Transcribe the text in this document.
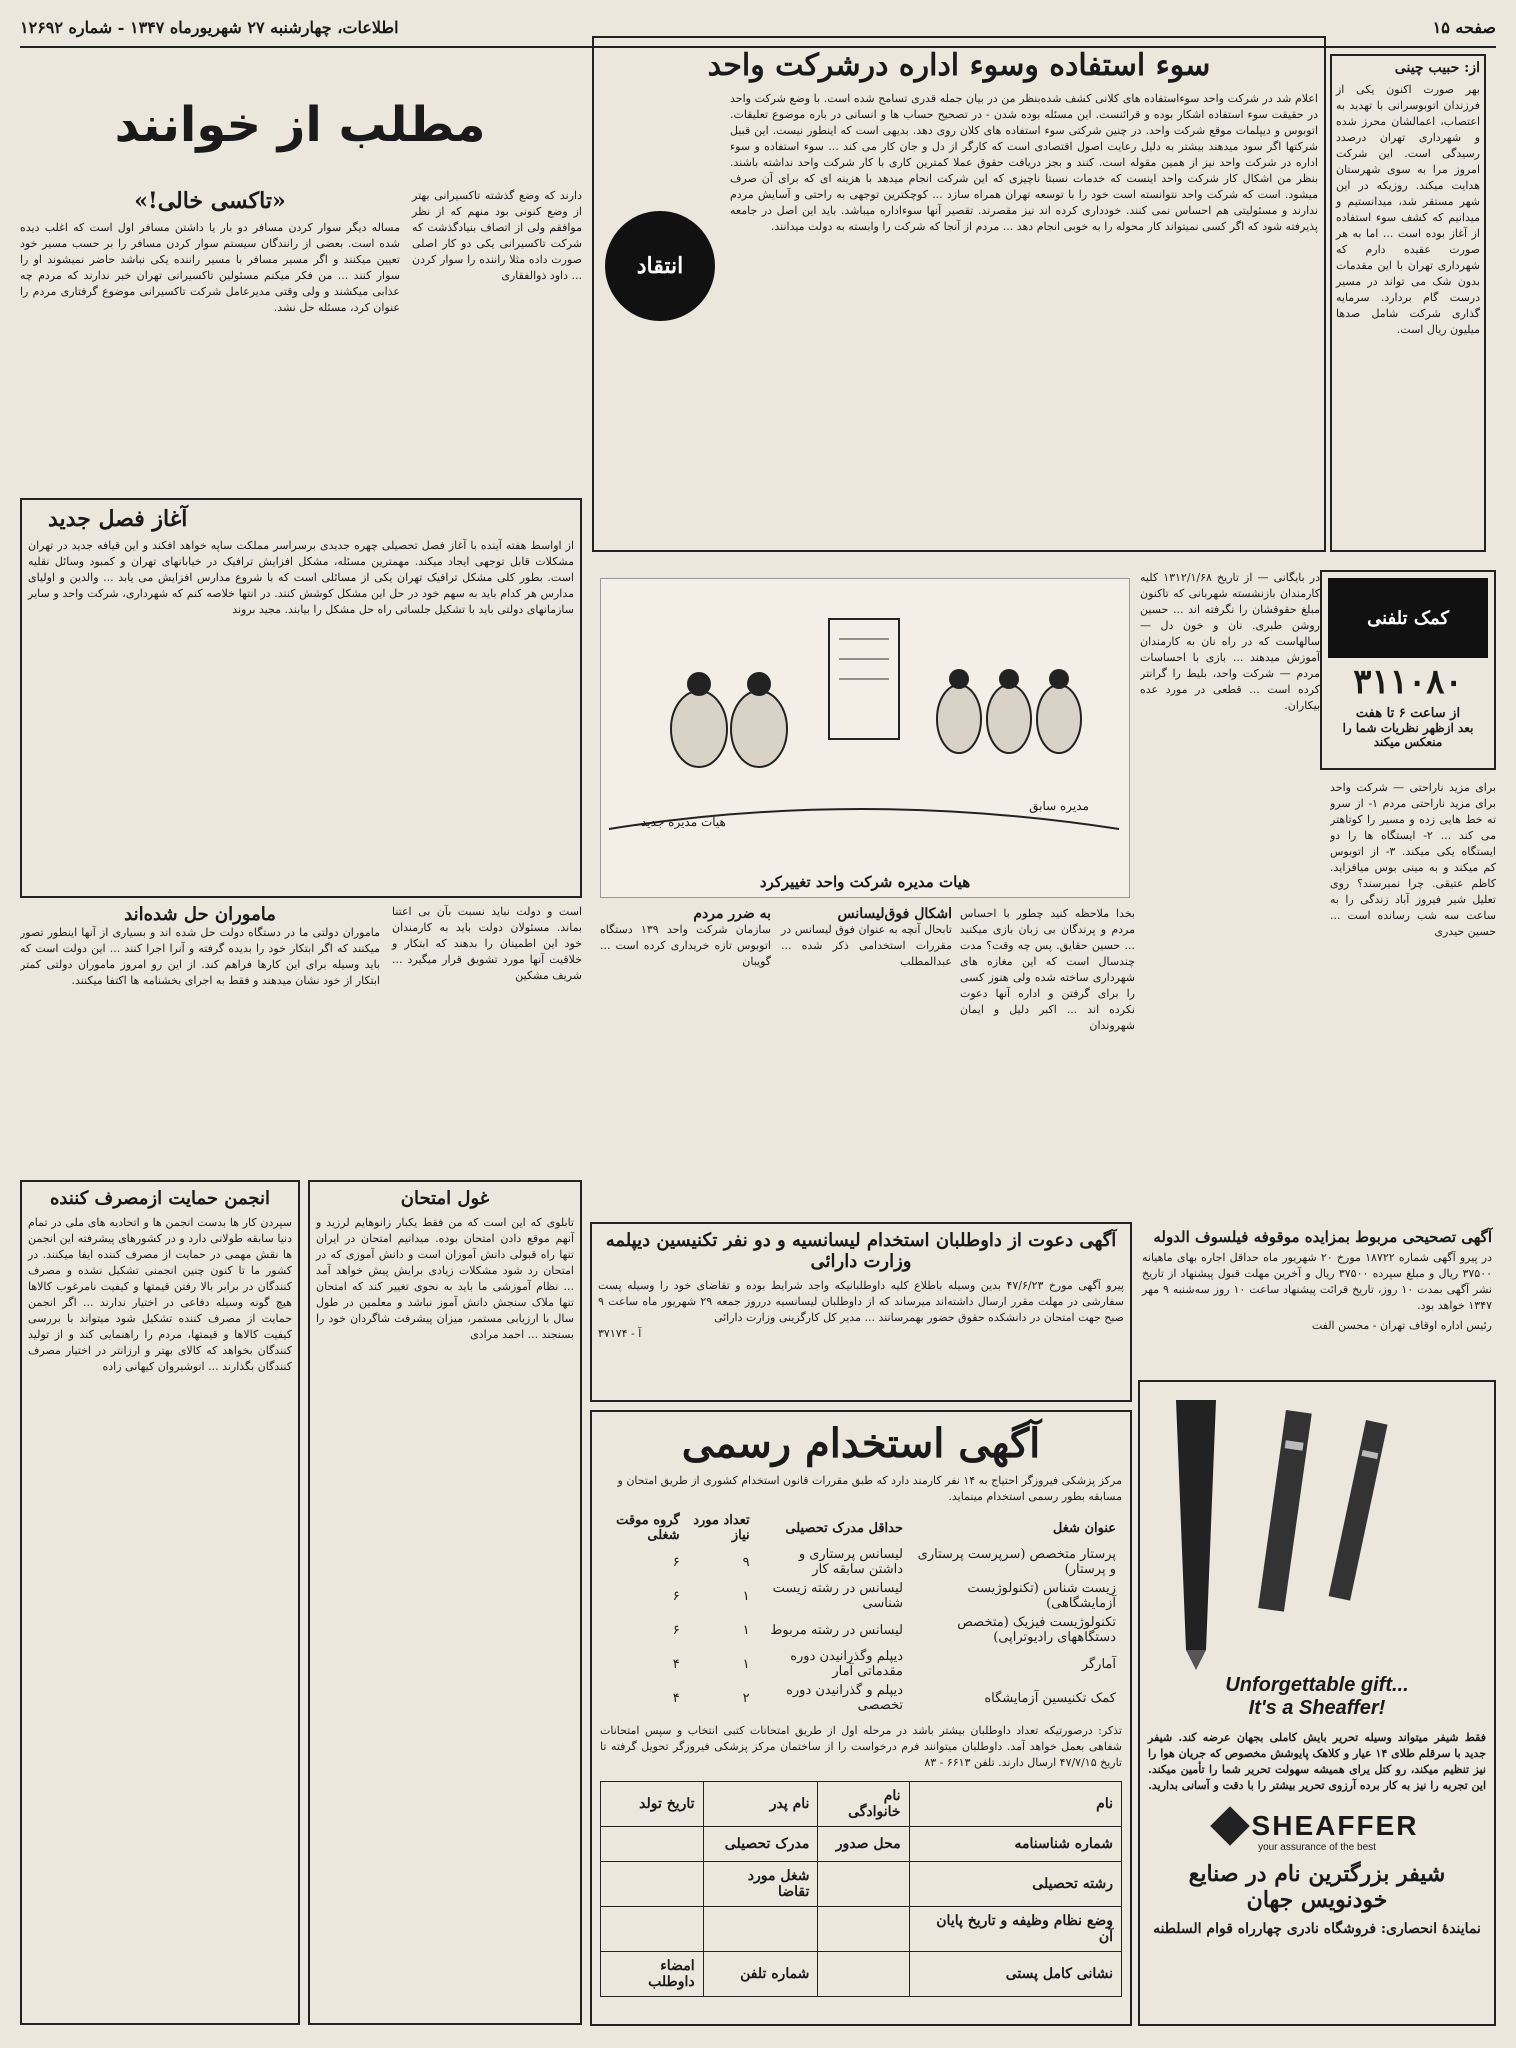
صفحه ۱۵
اطلاعات، چهارشنبه ۲۷ شهریورماه ۱۳۴۷ - شماره ۱۲۶۹۲
از: حبیب چینی
بهر صورت اکنون یکی از فرزندان اتوبوسرانی با تهدید به اعتصاب، اعمالشان محرز شده و شهرداری تهران درصدد رسیدگی است. این شرکت امروز مرا به سوی شهرستان هدایت میکند. روزیکه در این شهر مستقر شد، میدانستیم و میدانیم که کشف سوء استفاده از آغاز بوده است ... اما به هر صورت عقیده دارم که شهرداری تهران با این مقدمات بدون شک می تواند در مسیر درست گام بردارد. سرمایه گذاری شرکت شامل صدها میلیون ریال است.
سوء استفاده وسوء اداره درشرکت واحد
اعلام شد در شرکت واحد سوءاستفاده های کلانی کشف شده‌بنظر من در بیان جمله قدری تسامح شده است. با وضع شرکت واحد در حقیقت سوء استفاده اشکار بوده و قرائنست. این مسئله بوده شدن - در تصحیح حساب ها و انسانی در باره موضوع تعلیقات. اتوبوس و دیپلمات موقع شرکت واحد. در چنین شرکتی سوء استفاده های کلان روی دهد. بدیهی است که اینطور نیست. این قبیل شرکتها اگر سود میدهند بیشتر به دلیل رعایت اصول اقتصادی است که کارگر از دل و جان کار می کند ... سوء استفاده و سوء اداره در شرکت واحد نیز از همین مقوله است. کنند و بجز دریافت حقوق عملا کمترین کاری با کار شرکت واحد نداشته باشند. بنظر من اشکال کار شرکت واحد اینست که خدمات نسبتا ناچیزی که این شرکت انجام میدهد با هزینه ای که برای آن صرف میشود. است که شرکت واحد نتوانسته است خود را با توسعه تهران همراه سازد ... کوچکترین توجهی به راحتی و آسایش مردم ندارند و مسئولیتی هم احساس نمی کنند. خودداری کرده اند نیز مقصرند. تقصیر آنها سوءاداره میباشد. باید این اصل در جامعه پذیرفته شود که اگر کسی نمیتواند کار محوله را به خوبی انجام دهد ... مردم از آنجا که شرکت را وابسته به دولت میدانند.
انتقاد
مطلب از خوانند
دارند که وضع گذشته تاکسیرانی بهتر از وضع کنونی بود منهم که از نظر موافقم ولی از اتصاف بنیادگذشت که شرکت تاکسیرانی یکی دو کار اصلی صورت داده مثلا راننده را سوار کردن ... داود ذوالفقاری
«تاکسی خالی!»
مساله دیگر سوار کردن مسافر دو بار یا داشتن مسافر اول است که اغلب دیده شده است. بعضی از رانندگان سیستم سوار کردن مسافر را بر حسب مسیر خود تعیین میکنند و اگر مسیر مسافر با مسیر راننده یکی نباشد حاضر نمیشوند او را سوار کنند ... من فکر میکنم مسئولین تاکسیرانی تهران خبر ندارند که مردم چه عذابی میکشند و ولی وقتی مدیرعامل شرکت تاکسیرانی موضوع گرفتاری مردم را عنوان کرد، مسئله حل نشد.
آغاز فصل جدید
از اواسط هفته آینده با آغاز فصل تحصیلی چهره جدیدی برسراسر مملکت ساپه خواهد افکند و این قیافه جدید در تهران مشکلات قابل توجهی ایجاد میکند. مهمترین مسئله، مشکل افزایش ترافیک در خیابانهای تهران و کمبود وسائل نقلیه است. بطور کلی مشکل ترافیک تهران یکی از مسائلی است که با شروع مدارس افزایش می یابد ... والدین و اولیای مدارس هر کدام باید به سهم خود در حل این مشکل کوشش کنند. در انتها خلاصه کنم که شهرداری، شرکت واحد و سایر سازمانهای دولتی باید با تشکیل جلساتی راه حل مشکل را بیابند. مجید بروند
است و دولت نباید نسبت بآن بی اعتنا بماند. مسئولان دولت باید به کارمندان خود این اطمینان را بدهند که ابتکار و خلاقیت آنها مورد تشویق قرار میگیرد ... شریف مشکین
ماموران حل شده‌اند
ماموران دولتی ما در دستگاه دولت حل شده اند و بسیاری از آنها اینطور تصور میکنند که اگر ابتکار خود را بدیده گرفته و آنرا اجرا کنند ... این دولت است که باید وسیله برای این کارها فراهم کند. از این رو امروز ماموران دولتی کمتر ابتکار از خود نشان میدهند و فقط به اجرای بخشنامه ها اکتفا میکنند.
انجمن حمایت ازمصرف کننده
سپردن کار ها بدست انجمن ها و اتحادیه های ملی در تمام دنیا سابقه طولانی دارد و در کشورهای پیشرفته این انجمن ها نقش مهمی در حمایت از مصرف کننده ایفا میکنند. در کشور ما تا کنون چنین انجمنی تشکیل نشده و مصرف کنندگان در برابر بالا رفتن قیمتها و کیفیت نامرغوب کالاها هیچ گونه وسیله دفاعی در اختیار ندارند ... اگر انجمن حمایت از مصرف کننده تشکیل شود میتواند با بررسی کیفیت کالاها و قیمتها، مردم را راهنمایی کند و از تولید کنندگان بخواهد که کالای بهتر و ارزانتر در اختیار مصرف کنندگان بگذارند ... انوشیروان کیهانی زاده
غول امتحان
تابلوی که این است که من فقط یکبار زانوهایم لرزید و آنهم موقع دادن امتحان بوده. میدانیم امتحان در ایران تنها راه قبولی دانش آموزان است و دانش آموزی که در امتحان رد شود مشکلات زیادی برایش پیش خواهد آمد ... نظام آموزشی ما باید به نحوی تغییر کند که امتحان تنها ملاک سنجش دانش آموز نباشد و معلمین در طول سال با ارزیابی مستمر، میزان پیشرفت شاگردان خود را بسنجند ... احمد مرادی
کمک تلفنی
۳۱۱۰۸۰
از ساعت ۶ تا هفت
بعد ازظهر نظریات شما را منعکس میکند
برای مزید ناراحتی — شرکت واحد برای مزید ناراحتی مردم ۱- از سرو ته خط هایی زده و مسیر را کوتاهتر می کند ... ۲- ایستگاه ها را دو ایستگاه یکی میکند. ۳- از اتوبوس کم میکند و به مینی بوس میافزاید. کاظم عتیقی. چرا نمیرسند؟ روی تعلیل شیر فیروز آباد زندگی را به ساعت سه شب رسانده است ... حسین حیدری
در بایگانی — از تاریخ ۱۳۱۲/۱/۶۸ کلیه کارمندان بازنشسته شهربانی که تاکنون مبلغ حقوقشان را نگرفته اند ... حسین روشن طبری. نان و خون دل — سالهاست که در راه نان به کارمندان آموزش میدهند ... بازی با احساسات مردم — شرکت واحد، بلیط را گرانتر کرده است ... قطعی در مورد عده بیکاران.
مدیره سابق
هیات مدیره جدید
هیات مدیره شرکت واحد تغییرکرد
بخدا ملاحظه کنید چطور با احساس مردم و پرندگان بی زبان بازی میکنید ... حسین حقایق. پس چه وقت؟ مدت چندسال است که این مغازه های شهرداری ساخته شده ولی هنوز کسی را برای گرفتن و اداره آنها دعوت نکرده اند ... اکبر دلیل و ایمان شهروندان
اشکال فوق‌لیسانس
تابحال آنچه به عنوان فوق لیسانس در مقررات استخدامی ذکر شده ... عبدالمطلب
به ضرر مردم
سازمان شرکت واحد ۱۳۹ دستگاه اتوبوس تازه خریداری کرده است ... گویبان
آگهی تصحیحی مربوط بمزایده موقوفه فیلسوف الدوله
در پیرو آگهی شماره ۱۸۷۲۲ مورخ ۲۰ شهریور ماه حداقل اجاره بهای ماهیانه ۳۷۵۰۰ ریال و مبلغ سپرده ۳۷۵۰۰ ریال و آخرین مهلت قبول پیشنهاد از تاریخ نشر آگهی بمدت ۱۰ روز، تاریخ قرائت پیشنهاد ساعت ۱۰ روز سه‌شنبه ۹ مهر ۱۳۴۷ خواهد بود.
رئیس اداره اوقاف تهران - محسن الفت
آگهی دعوت از داوطلبان استخدام لیسانسیه و دو نفر تکنیسین دیپلمه وزارت دارائی
پیرو آگهی مورخ ۴۷/۶/۲۳ بدین وسیله باطلاع کلیه داوطلبانیکه واجد شرایط بوده و تقاضای خود را وسیله پست سفارشی در مهلت مقرر ارسال داشته‌اند میرساند که از داوطلبان لیسانسیه درروز جمعه ۲۹ شهریور ماه ساعت ۹ صبح جهت امتحان در دانشکده حقوق حضور بهمرسانند ... مدیر کل کارگزینی وزارت دارائی
آ - ۳۷۱۷۴
آگهی استخدام رسمی
مرکز پزشکی فیروزگر احتیاج به ۱۴ نفر کارمند دارد که طبق مقررات قانون استخدام کشوری از طریق امتحان و مسابقه بطور رسمی استخدام مینماید.
عنوان شغل	حداقل مدرک تحصیلی	تعداد مورد نیاز	گروه موقت شغلی
پرستار متخصص (سرپرست پرستاری و پرستار)	لیسانس پرستاری و داشتن سابقه کار	۹	۶
زیست شناس (تکنولوژیست آزمایشگاهی)	لیسانس در رشته زیست شناسی	۱	۶
تکنولوژیست فیزیک (متخصص دستگاههای رادیوتراپی)	لیسانس در رشته مربوط	۱	۶
آمارگر	دیپلم وگذرانیدن دوره مقدماتی آمار	۱	۴
کمک تکنیسین آزمایشگاه	دیپلم و گذرانیدن دوره تخصصی	۲	۴
تذکر: درصورتیکه تعداد داوطلبان بیشتر باشد در مرحله اول از طریق امتحانات کتبی انتخاب و سپس امتحانات شفاهی بعمل خواهد آمد. داوطلبان میتوانند فرم درخواست را از ساختمان مرکز پزشکی فیروزگر تحویل گرفته تا تاریخ ۴۷/۷/۱۵ ارسال دارند. تلفن ۶۶۱۳ - ۸۳
نام	نام خانوادگی	نام پدر	تاریخ تولد
شماره شناسنامه	محل صدور	مدرک تحصیلی	
رشته تحصیلی		شغل مورد تقاضا	
وضع نظام وظیفه و تاریخ پایان آن			
نشانی کامل پستی		شماره تلفن	امضاء داوطلب
Unforgettable gift...
It's a Sheaffer!
فقط شیفر میتواند وسیله تحریر بایش کاملی بجهان عرضه کند. شیفر جدید با سرقلم طلای ۱۴ عیار و کلاهک پایوشش مخصوص که جریان هوا را نیز تنظیم میکند، رو کتل یرای همیشه سهولت تحریر شما را تأمین میکند. این تجربه را نیز به کار برده آرزوی تحریر بیشتر را با دقت و آسانی بدارید.
SHEAFFER
your assurance of the best
شیفر بزرگترین نام در صنایع خودنویس جهان
نمایندهٔ انحصاری: فروشگاه نادری چهارراه قوام السلطنه
